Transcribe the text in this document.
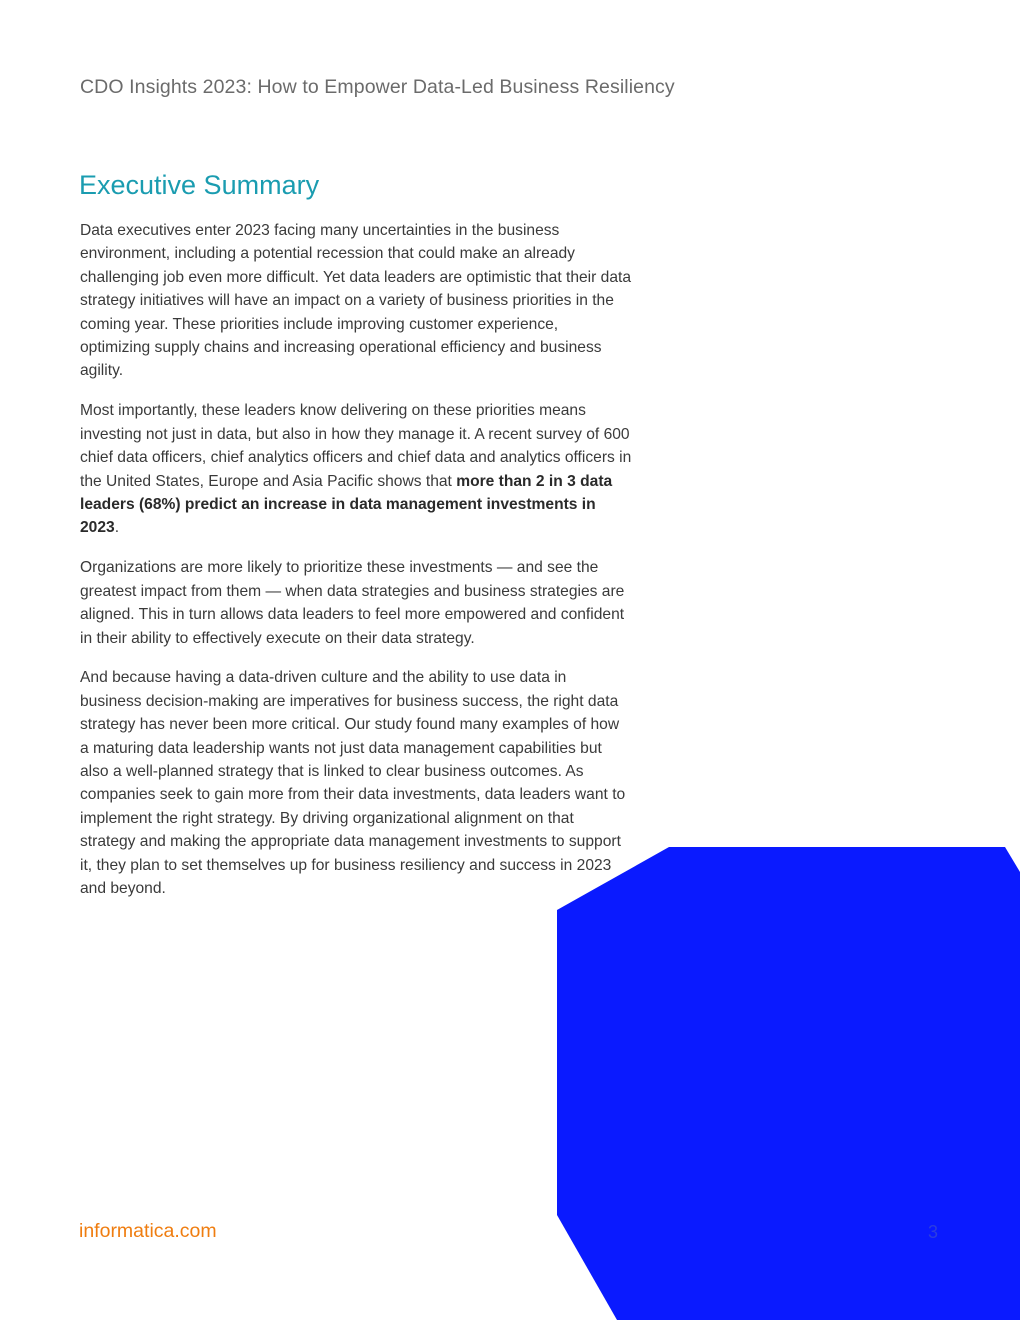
CDO Insights 2023: How to Empower Data-Led Business Resiliency
Executive Summary

Data executives enter 2023 facing many uncertainties in the business environment, including a potential recession that could make an already challenging job even more difficult. Yet data leaders are optimistic that their data strategy initiatives will have an impact on a variety of business priorities in the coming year. These priorities include improving customer experience, optimizing supply chains and increasing operational efficiency and business agility.

Most importantly, these leaders know delivering on these priorities means investing not just in data, but also in how they manage it. A recent survey of 600 chief data officers, chief analytics officers and chief data and analytics officers in the United States, Europe and Asia Pacific shows that more than 2 in 3 data leaders (68%) predict an increase in data management investments in 2023.

Organizations are more likely to prioritize these investments — and see the greatest impact from them — when data strategies and business strategies are aligned. This in turn allows data leaders to feel more empowered and confident in their ability to effectively execute on their data strategy.

And because having a data-driven culture and the ability to use data in business decision-making are imperatives for business success, the right data strategy has never been more critical. Our study found many examples of how a maturing data leadership wants not just data management capabilities but also a well-planned strategy that is linked to clear business outcomes. As companies seek to gain more from their data investments, data leaders want to implement the right strategy. By driving organizational alignment on that strategy and making the appropriate data management investments to support it, they plan to set themselves up for business resiliency and success in 2023 and beyond.

informatica.com	3
